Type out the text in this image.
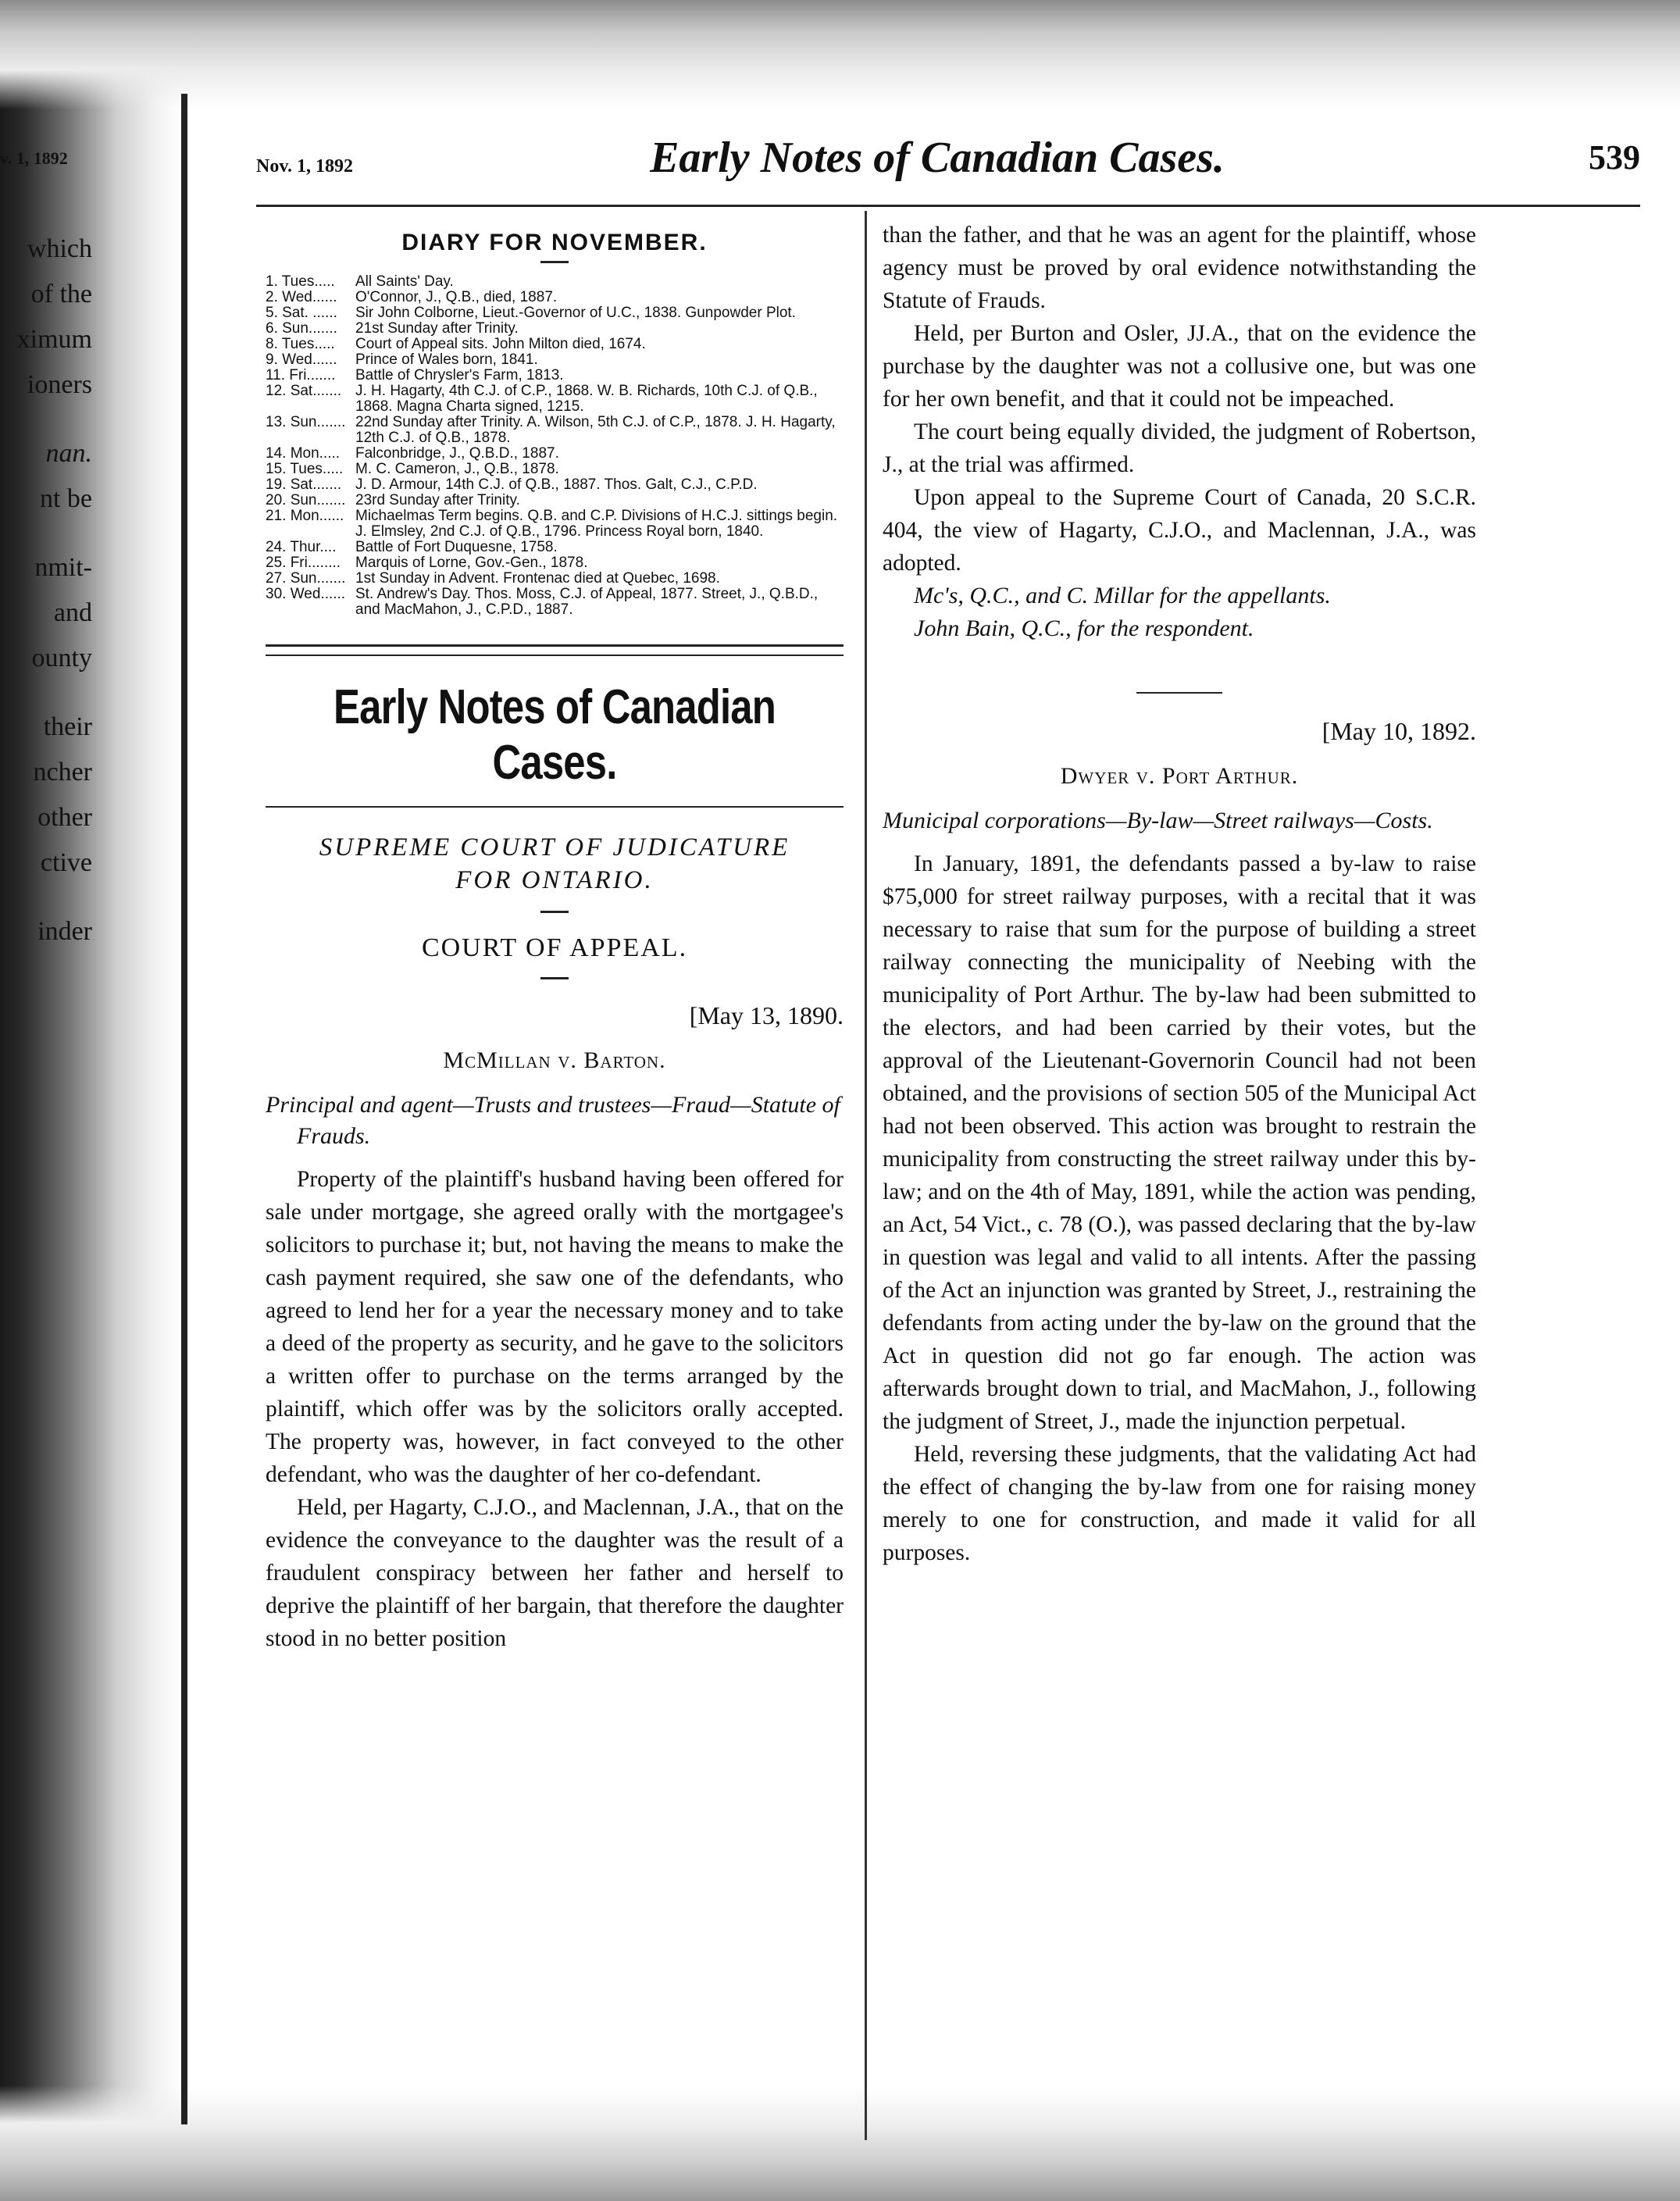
v. 1, 1892
which
of the
ximum
ioners
nan.
nt be
nmit-
and
ounty
their
ncher
other
ctive
inder
Nov. 1, 1892	Early Notes of Canadian Cases.	539
DIARY FOR NOVEMBER.
1. Tues.....	All Saints' Day.
2. Wed......	O'Connor, J., Q.B., died, 1887.
5. Sat. ......	Sir John Colborne, Lieut.-Governor of U.C., 1838. Gunpowder Plot.
6. Sun.......	21st Sunday after Trinity.
8. Tues.....	Court of Appeal sits. John Milton died, 1674.
9. Wed......	Prince of Wales born, 1841.
11. Fri.......	Battle of Chrysler's Farm, 1813.
12. Sat....... J. H. Hagarty, 4th C.J. of C.P., 1868. W. B. Richards, 10th C.J. of Q.B., 1868. Magna Charta signed, 1215.
13. Sun....... 22nd Sunday after Trinity. A. Wilson, 5th C.J. of C.P., 1878. J. H. Hagarty, 12th C.J. of Q.B., 1878.
14. Mon.....	Falconbridge, J., Q.B.D., 1887.
15. Tues..... M. C. Cameron, J., Q.B., 1878.
19. Sat....... J. D. Armour, 14th C.J. of Q.B., 1887. Thos. Galt, C.J., C.P.D.
20. Sun....... 23rd Sunday after Trinity.
21. Mon...... Michaelmas Term begins. Q.B. and C.P. Divisions of H.C.J. sittings begin. J. Elmsley, 2nd C.J. of Q.B., 1796. Princess Royal born, 1840.
24. Thur....	Battle of Fort Duquesne, 1758.
25. Fri........ Marquis of Lorne, Gov.-Gen., 1878.
27. Sun....... 1st Sunday in Advent. Frontenac died at Quebec, 1698.
30. Wed...... St. Andrew's Day. Thos. Moss, C.J. of Appeal, 1877. Street, J., Q.B.D., and MacMahon, J., C.P.D., 1887.
Early Notes of Canadian Cases.
SUPREME COURT OF JUDICATURE
FOR ONTARIO.
COURT OF APPEAL.
[May 13, 1890.
McMillan v. Barton.
Principal and agent—Trusts and trustees—Fraud—Statute of Frauds.

Property of the plaintiff's husband having been offered for sale under mortgage, she agreed orally with the mortgagee's solicitors to purchase it; but, not having the means to make the cash payment required, she saw one of the defendants, who agreed to lend her for a year the necessary money and to take a deed of the property as security, and he gave to the solicitors a written offer to purchase on the terms arranged by the plaintiff, which offer was by the solicitors orally accepted. The property was, however, in fact conveyed to the other defendant, who was the daughter of her co-defendant.

Held, per Hagarty, C.J.O., and Maclennan, J.A., that on the evidence the conveyance to the daughter was the result of a fraudulent conspiracy between her father and herself to deprive the plaintiff of her bargain, that therefore the daughter stood in no better position

than the father, and that he was an agent for the plaintiff, whose agency must be proved by oral evidence notwithstanding the Statute of Frauds.

Held, per Burton and Osler, JJ.A., that on the evidence the purchase by the daughter was not a collusive one, but was one for her own benefit, and that it could not be impeached.

The court being equally divided, the judgment of Robertson, J., at the trial was affirmed.

Upon appeal to the Supreme Court of Canada, 20 S.C.R. 404, the view of Hagarty, C.J.O., and Maclennan, J.A., was adopted.

Mc's, Q.C., and C. Millar for the appellants.

John Bain, Q.C., for the respondent.

[May 10, 1892.
Dwyer v. Port Arthur.
Municipal corporations—By-law—Street railways—Costs.

In January, 1891, the defendants passed a by-law to raise $75,000 for street railway purposes, with a recital that it was necessary to raise that sum for the purpose of building a street railway connecting the municipality of Neebing with the municipality of Port Arthur. The by-law had been submitted to the electors, and had been carried by their votes, but the approval of the Lieutenant-Governorin Council had not been obtained, and the provisions of section 505 of the Municipal Act had not been observed. This action was brought to restrain the municipality from constructing the street railway under this by-law; and on the 4th of May, 1891, while the action was pending, an Act, 54 Vict., c. 78 (O.), was passed declaring that the by-law in question was legal and valid to all intents. After the passing of the Act an injunction was granted by Street, J., restraining the defendants from acting under the by-law on the ground that the Act in question did not go far enough. The action was afterwards brought down to trial, and MacMahon, J., following the judgment of Street, J., made the injunction perpetual.

Held, reversing these judgments, that the validating Act had the effect of changing the by-law from one for raising money merely to one for construction, and made it valid for all purposes.
